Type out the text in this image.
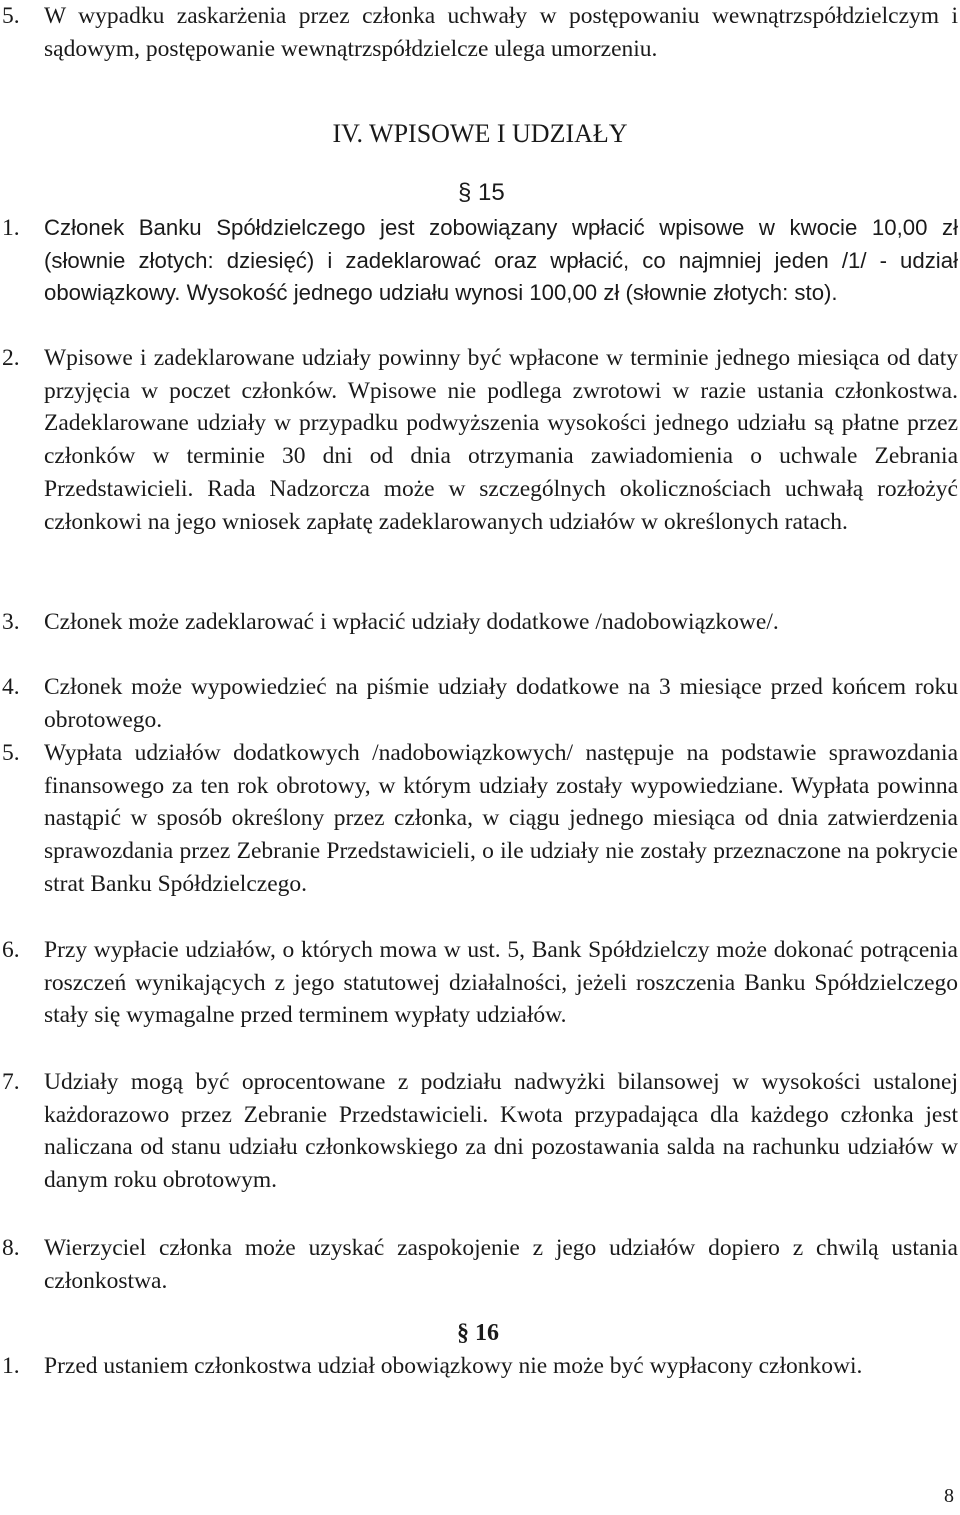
5. W wypadku zaskarżenia przez członka uchwały w postępowaniu wewnątrzspółdzielczym i sądowym, postępowanie wewnątrzspółdzielcze ulega umorzeniu.
IV. WPISOWE I UDZIAŁY
§ 15
1. Członek Banku Spółdzielczego jest zobowiązany wpłacić wpisowe w kwocie 10,00 zł (słownie złotych: dziesięć) i zadeklarować oraz wpłacić, co najmniej jeden /1/ - udział obowiązkowy. Wysokość jednego udziału wynosi 100,00 zł (słownie złotych: sto).
2. Wpisowe i zadeklarowane udziały powinny być wpłacone w terminie jednego miesiąca od daty przyjęcia w poczet członków. Wpisowe nie podlega zwrotowi w razie ustania członkostwa. Zadeklarowane udziały w przypadku podwyższenia wysokości jednego udziału są płatne przez członków w terminie 30 dni od dnia otrzymania zawiadomienia o uchwale Zebrania Przedstawicieli. Rada Nadzorcza może w szczególnych okolicznościach uchwałą rozłożyć członkowi na jego wniosek zapłatę zadeklarowanych udziałów w określonych ratach.
3. Członek może zadeklarować i wpłacić udziały dodatkowe /nadobowiązkowe/.
4. Członek może wypowiedzieć na piśmie udziały dodatkowe na 3 miesiące przed końcem roku obrotowego.
5. Wypłata udziałów dodatkowych /nadobowiązkowych/ następuje na podstawie sprawozdania finansowego za ten rok obrotowy, w którym udziały zostały wypowiedziane. Wypłata powinna nastąpić w sposób określony przez członka, w ciągu jednego miesiąca od dnia zatwierdzenia sprawozdania przez Zebranie Przedstawicieli, o ile udziały nie zostały przeznaczone na pokrycie strat Banku Spółdzielczego.
6. Przy wypłacie udziałów, o których mowa w ust. 5, Bank Spółdzielczy może dokonać potrącenia roszczeń wynikających z jego statutowej działalności, jeżeli roszczenia Banku Spółdzielczego stały się wymagalne przed terminem wypłaty udziałów.
7. Udziały mogą być oprocentowane z podziału nadwyżki bilansowej w wysokości ustalonej każdorazowo przez Zebranie Przedstawicieli. Kwota przypadająca dla każdego członka jest naliczana od stanu udziału członkowskiego za dni pozostawania salda na rachunku udziałów w danym roku obrotowym.
8. Wierzyciel członka może uzyskać zaspokojenie z jego udziałów dopiero z chwilą ustania członkostwa.
§ 16
1. Przed ustaniem członkostwa udział obowiązkowy nie może być wypłacony członkowi.
8
